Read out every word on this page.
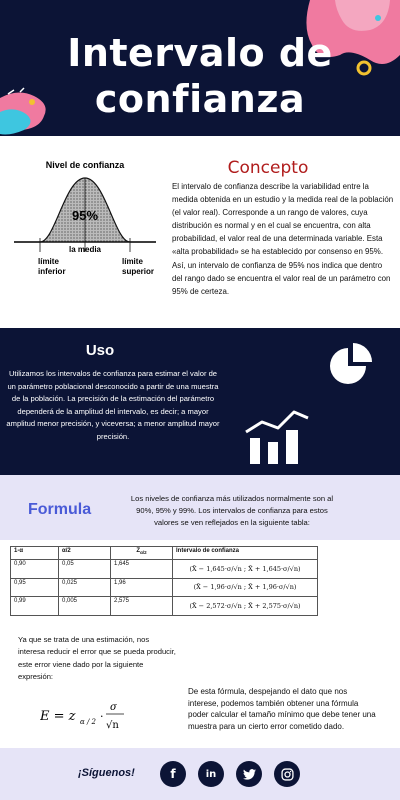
Intervalo de
confianza
Nivel de confianza
95%
la media
límite
inferior
límite
superior
Concepto

El intervalo de confianza describe la variabilidad entre la medida obtenida en un estudio y la medida real de la población (el valor real). Corresponde a un rango de valores, cuya distribución es normal y en el cual se encuentra, con alta probabilidad, el valor real de una determinada variable. Esta «alta probabilidad» se ha establecido por consenso en 95%. Así, un intervalo de confianza de 95% nos indica que dentro del rango dado se encuentra el valor real de un parámetro con 95% de certeza.

Uso

Utilizamos los intervalos de confianza para estimar el valor de un parámetro poblacional desconocido a partir de una muestra de la población. La precisión de la estimación del parámetro dependerá de la amplitud del intervalo, es decir; a mayor amplitud menor precisión, y viceversa; a menor amplitud mayor precisión.

Formula

Los niveles de confianza más utilizados normalmente son al 90%, 95% y 99%. Los intervalos de confianza para estos valores se ven reflejados en la siguiente tabla:

1-α	α/2	$Z_{\alpha/2}$	Intervalo de confianza
0,90	0,05	1,645	(X̄ − 1,645·σ/√n ; X̄ + 1,645·σ/√n)
0,95	0,025	1,96	(X̄ − 1,96·σ/√n ; X̄ + 1,96·σ/√n)
0,99	0,005	2,575	(X̄ − 2,572·σ/√n ; X̄ + 2,575·σ/√n)

Ya que se trata de una estimación, nos interesa reducir el error que se pueda producir, este error viene dado por la siguiente expresión:

E = z α / 2 ·
σ
√n

De esta fórmula, despejando el dato que nos interese, podemos también obtener una fórmula poder calcular el tamaño mínimo que debe tener una muestra para un cierto error cometido dado.

¡Síguenos!	f	in
